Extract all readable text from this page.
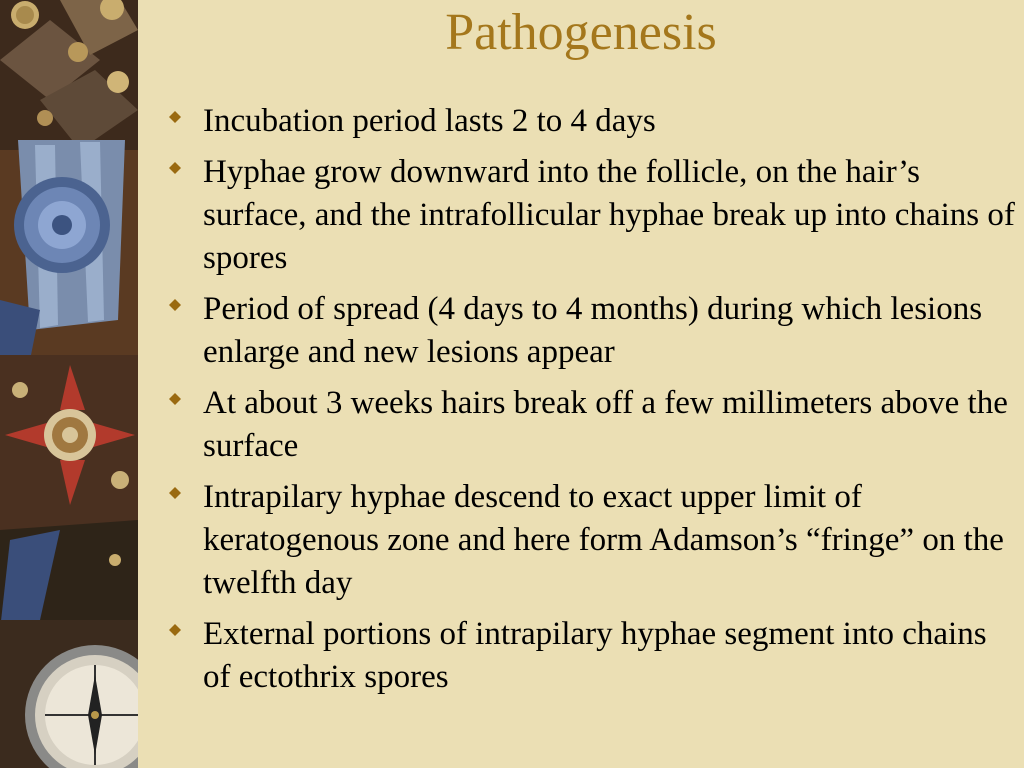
Pathogenesis
Incubation period lasts 2 to 4 days
Hyphae grow downward into the follicle, on the hair’s surface, and the intrafollicular hyphae break up into chains of spores
Period of spread (4 days to 4 months) during which lesions enlarge and new lesions appear
At about 3 weeks hairs break off a few millimeters above the surface
Intrapilary hyphae descend to exact upper limit of keratogenous zone and here form Adamson’s “fringe” on the twelfth day
External portions of intrapilary hyphae segment into chains of ectothrix spores
